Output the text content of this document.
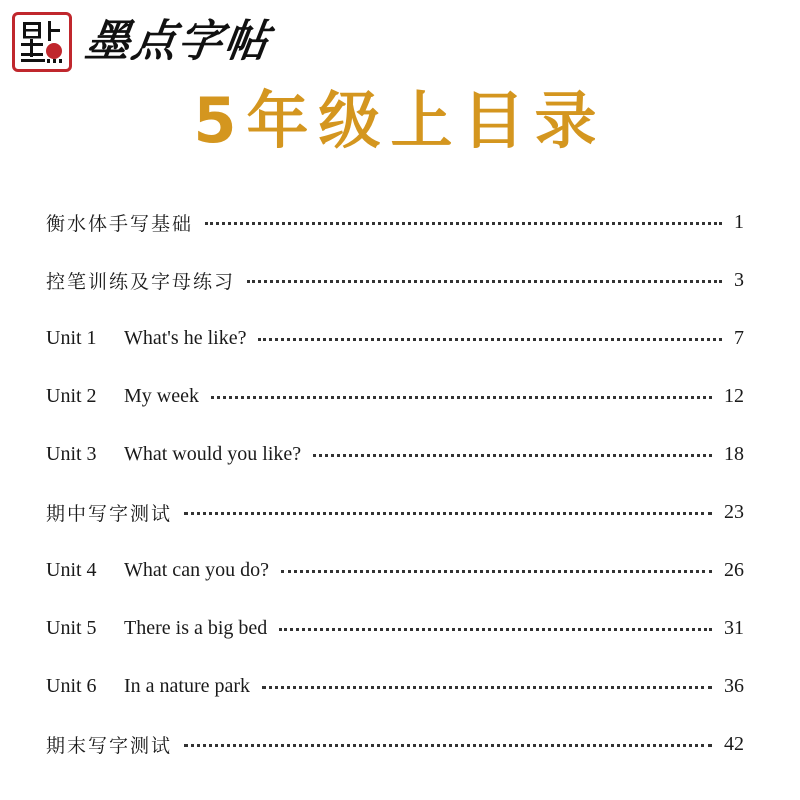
墨点字帖
5年级上目录
衡水体手写基础	1
控笔训练及字母练习	3
Unit 1	What's he like?	7
Unit 2	My week	12
Unit 3	What would you like?	18
期中写字测试	23
Unit 4	What can you do?	26
Unit 5	There is a big bed	31
Unit 6	In a nature park	36
期末写字测试	42
